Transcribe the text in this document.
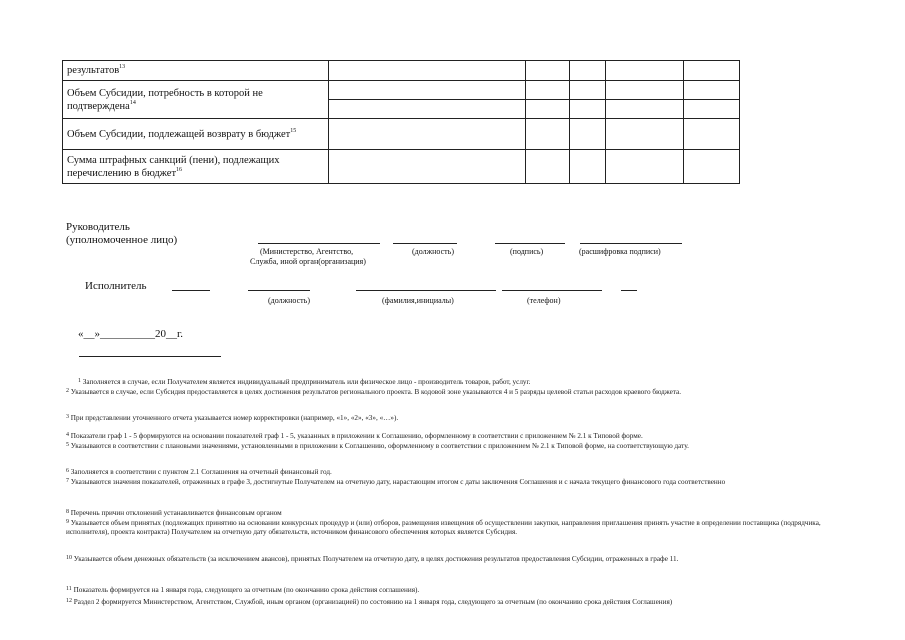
результатов$^{13}$					
Объем Субсидии, потребность в которой не подтверждена$^{14}$					

Объем Субсидии, подлежащей возврату в бюджет$^{15}$					
Сумма штрафных санкций (пени), подлежащих перечислению в бюджет$^{16}$					
Руководитель
(уполномоченное лицо)
(Министерство, Агентство,
Служба, иной орган(организация)
(должность)	(подпись)	(расшифровка подписи)
Исполнитель
(должность)	(фамилия,инициалы)	(телефон)
«__»__________20__г.
$^1$ Заполняется в случае, если Получателем является индивидуальный предприниматель или физическое лицо - производитель товаров, работ, услуг.
$^2$ Указывается в случае, если Субсидия предоставляется в целях достижения результатов регионального проекта. В кодовой зоне указываются 4 и 5 разряды целевой статьи расходов краевого бюджета.
$^3$ При представлении уточненного отчета указывается номер корректировки (например, «1», «2», «3», «…»).
$^4$ Показатели граф 1 - 5 формируются на основании показателей граф 1 - 5, указанных в приложении к Соглашению, оформленному в соответствии с приложением № 2.1 к Типовой форме.
$^5$ Указываются в соответствии с плановыми значениями, установленными в приложении к Соглашению, оформленному в соответствии с приложением № 2.1 к Типовой форме, на соответствующую дату.
$^6$ Заполняется в соответствии с пунктом 2.1 Соглашения на отчетный финансовый год.
$^7$ Указываются значения показателей, отраженных в графе 3, достигнутые Получателем на отчетную дату, нарастающим итогом с даты заключения Соглашения и с начала текущего финансового года соответственно
$^8$ Перечень причин отклонений устанавливается финансовым органом
$^9$ Указывается объем принятых (подлежащих принятию на основании конкурсных процедур и (или) отборов, размещения извещения об осуществлении закупки, направления приглашения принять участие в определении поставщика (подрядчика, исполнителя), проекта контракта) Получателем на отчетную дату обязательств, источником финансового обеспечения которых является Субсидия.
$^{10}$ Указывается объем денежных обязательств (за исключением авансов), принятых Получателем на отчетную дату, в целях достижения результатов предоставления Субсидии, отраженных в графе 11.
$^{11}$ Показатель формируется на 1 января года, следующего за отчетным (по окончанию срока действия соглашения).
$^{12}$ Раздел 2 формируется Министерством, Агентством, Службой, иным органом (организацией) по состоянию на 1 января года, следующего за отчетным (по окончанию срока действия Соглашения)
